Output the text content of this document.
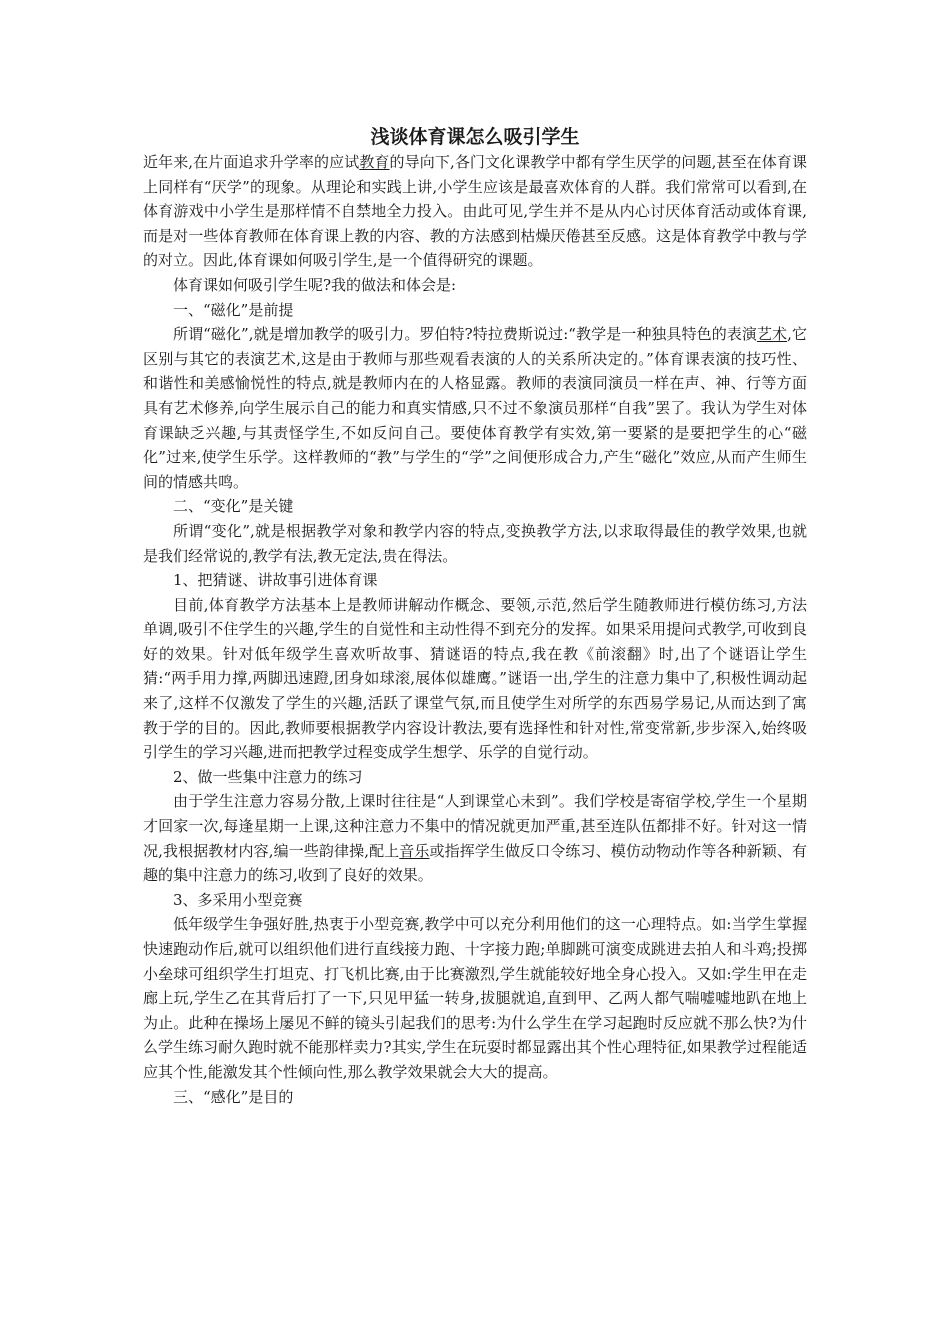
浅谈体育课怎么吸引学生

近年来,在片面追求升学率的应试教育的导向下,各门文化课教学中都有学生厌学的问题,甚至在体育课上同样有“厌学”的现象。从理论和实践上讲,小学生应该是最喜欢体育的人群。我们常常可以看到,在体育游戏中小学生是那样情不自禁地全力投入。由此可见,学生并不是从内心讨厌体育活动或体育课,而是对一些体育教师在体育课上教的内容、教的方法感到枯燥厌倦甚至反感。这是体育教学中教与学的对立。因此,体育课如何吸引学生,是一个值得研究的课题。

体育课如何吸引学生呢?我的做法和体会是:

一、“磁化”是前提

所谓“磁化”,就是增加教学的吸引力。罗伯特?特拉费斯说过:“教学是一种独具特色的表演艺术,它区别与其它的表演艺术,这是由于教师与那些观看表演的人的关系所决定的。”体育课表演的技巧性、和谐性和美感愉悦性的特点,就是教师内在的人格显露。教师的表演同演员一样在声、神、行等方面具有艺术修养,向学生展示自己的能力和真实情感,只不过不象演员那样“自我”罢了。我认为学生对体育课缺乏兴趣,与其责怪学生,不如反问自己。要使体育教学有实效,第一要紧的是要把学生的心“磁化”过来,使学生乐学。这样教师的“教”与学生的“学”之间便形成合力,产生“磁化”效应,从而产生师生间的情感共鸣。

二、“变化”是关键

所谓“变化”,就是根据教学对象和教学内容的特点,变换教学方法,以求取得最佳的教学效果,也就是我们经常说的,教学有法,教无定法,贵在得法。

1、把猜谜、讲故事引进体育课

目前,体育教学方法基本上是教师讲解动作概念、要领,示范,然后学生随教师进行模仿练习,方法单调,吸引不住学生的兴趣,学生的自觉性和主动性得不到充分的发挥。如果采用提问式教学,可收到良好的效果。针对低年级学生喜欢听故事、猜谜语的特点,我在教《前滚翻》时,出了个谜语让学生猜:“两手用力撑,两脚迅速蹬,团身如球滚,展体似雄鹰。”谜语一出,学生的注意力集中了,积极性调动起来了,这样不仅激发了学生的兴趣,活跃了课堂气氛,而且使学生对所学的东西易学易记,从而达到了寓教于学的目的。因此,教师要根据教学内容设计教法,要有选择性和针对性,常变常新,步步深入,始终吸引学生的学习兴趣,进而把教学过程变成学生想学、乐学的自觉行动。

2、做一些集中注意力的练习

由于学生注意力容易分散,上课时往往是“人到课堂心未到”。我们学校是寄宿学校,学生一个星期才回家一次,每逢星期一上课,这种注意力不集中的情况就更加严重,甚至连队伍都排不好。针对这一情况,我根据教材内容,编一些韵律操,配上音乐或指挥学生做反口令练习、模仿动物动作等各种新颖、有趣的集中注意力的练习,收到了良好的效果。

3、多采用小型竞赛

低年级学生争强好胜,热衷于小型竞赛,教学中可以充分利用他们的这一心理特点。如:当学生掌握快速跑动作后,就可以组织他们进行直线接力跑、十字接力跑;单脚跳可演变成跳进去拍人和斗鸡;投掷小垒球可组织学生打坦克、打飞机比赛,由于比赛激烈,学生就能较好地全身心投入。又如:学生甲在走廊上玩,学生乙在其背后打了一下,只见甲猛一转身,拔腿就追,直到甲、乙两人都气喘嘘嘘地趴在地上为止。此种在操场上屡见不鲜的镜头引起我们的思考:为什么学生在学习起跑时反应就不那么快?为什么学生练习耐久跑时就不能那样卖力?其实,学生在玩耍时都显露出其个性心理特征,如果教学过程能适应其个性,能激发其个性倾向性,那么教学效果就会大大的提高。

三、“感化”是目的
